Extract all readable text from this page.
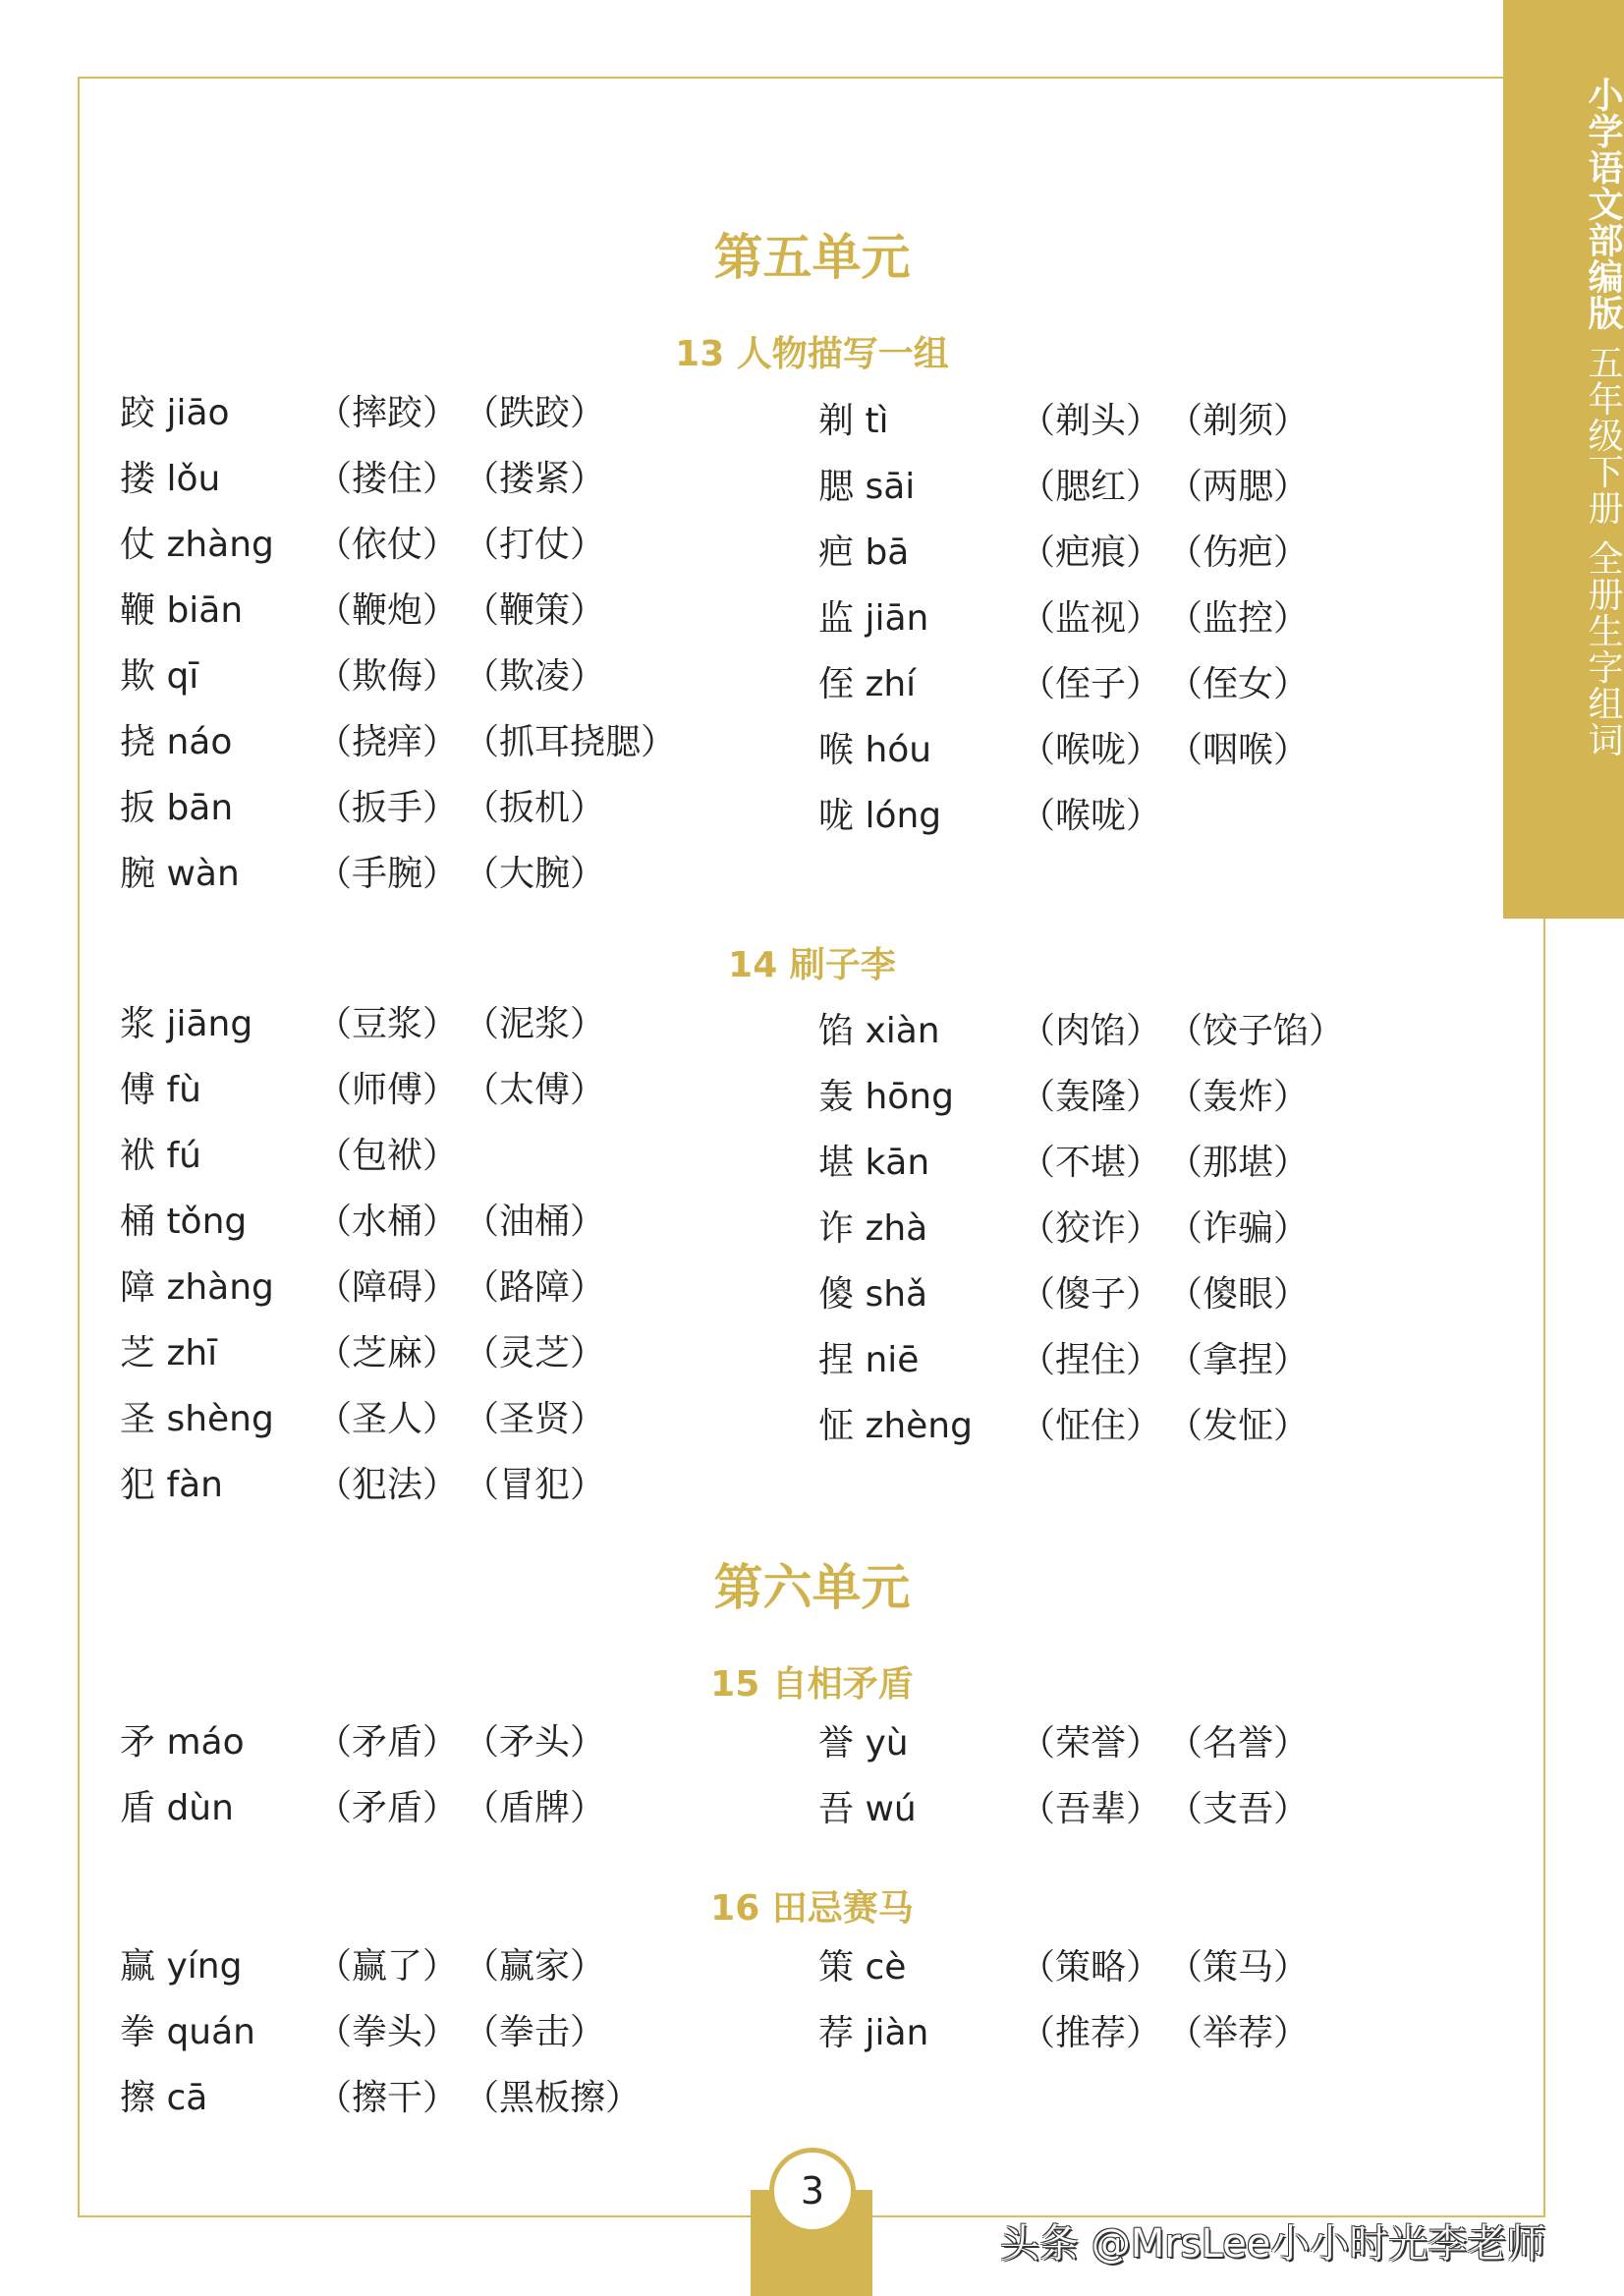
小学语文部编版 五年级下册 全册生字组词
第五单元
13 人物描写一组
跤 jiāo	（摔跤） （跌跤）
搂 lǒu	（搂住） （搂紧）
仗 zhàng	（依仗） （打仗）
鞭 biān	（鞭炮） （鞭策）
欺 qī	（欺侮） （欺凌）
挠 náo	（挠痒） （抓耳挠腮）
扳 bān	（扳手） （扳机）
腕 wàn	（手腕） （大腕）
剃 tì	（剃头） （剃须）
腮 sāi	（腮红） （两腮）
疤 bā	（疤痕） （伤疤）
监 jiān	（监视） （监控）
侄 zhí	（侄子） （侄女）
喉 hóu	（喉咙） （咽喉）
咙 lóng	（喉咙）
14 刷子李
浆 jiāng	（豆浆） （泥浆）
傅 fù	（师傅） （太傅）
袱 fú	（包袱）
桶 tǒng	（水桶） （油桶）
障 zhàng	（障碍） （路障）
芝 zhī	（芝麻） （灵芝）
圣 shèng	（圣人） （圣贤）
犯 fàn	（犯法） （冒犯）
馅 xiàn	（肉馅） （饺子馅）
轰 hōng	（轰隆） （轰炸）
堪 kān	（不堪） （那堪）
诈 zhà	（狡诈） （诈骗）
傻 shǎ	（傻子） （傻眼）
捏 niē	（捏住） （拿捏）
怔 zhèng	（怔住） （发怔）
第六单元
15 自相矛盾
矛 máo	（矛盾） （矛头）
盾 dùn	（矛盾） （盾牌）
誉 yù	（荣誉） （名誉）
吾 wú	（吾辈） （支吾）
16 田忌赛马
赢 yíng	（赢了） （赢家）
拳 quán	（拳头） （拳击）
擦 cā	（擦干） （黑板擦）
策 cè	（策略） （策马）
荐 jiàn	（推荐） （举荐）
3
头条 @MrsLee小小时光李老师
